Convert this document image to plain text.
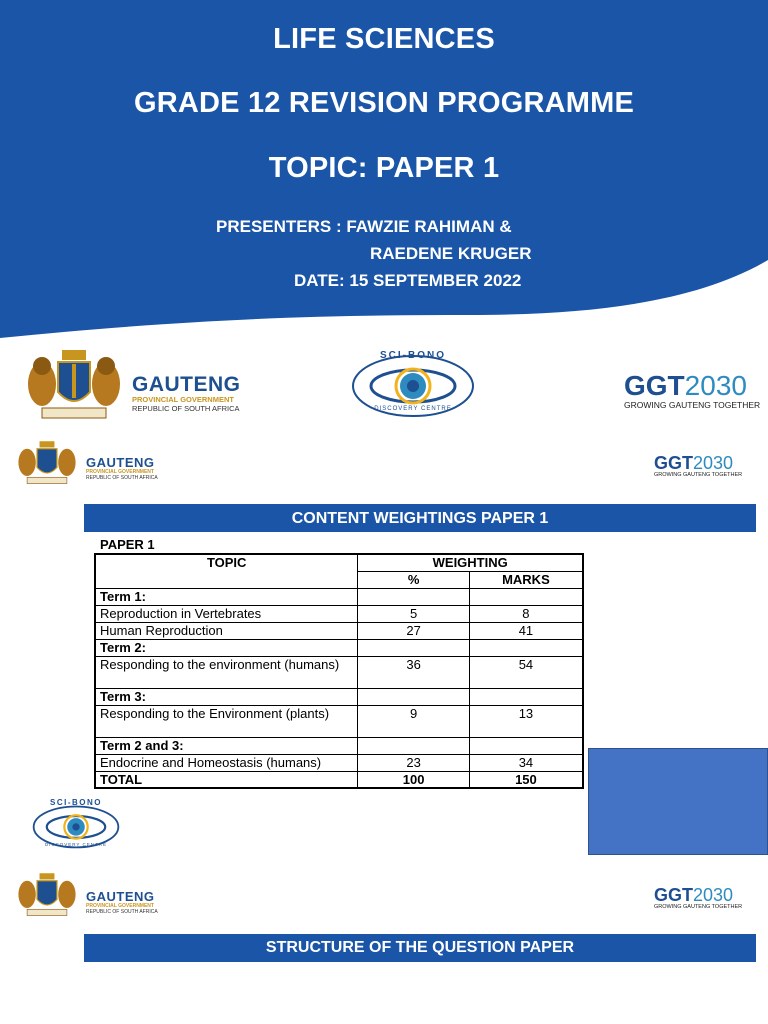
LIFE SCIENCES
GRADE 12 REVISION PROGRAMME
TOPIC: PAPER 1
PRESENTERS : FAWZIE RAHIMAN &
RAEDENE KRUGER
DATE: 15 SEPTEMBER 2022
GAUTENG
PROVINCIAL GOVERNMENT
REPUBLIC OF SOUTH AFRICA
SCI-BONO
DISCOVERY CENTRE
GGT2030
GROWING GAUTENG TOGETHER
GAUTENG
PROVINCIAL GOVERNMENT
REPUBLIC OF SOUTH AFRICA
GGT2030
GROWING GAUTENG TOGETHER
CONTENT WEIGHTINGS PAPER 1
PAPER 1
TOPIC	WEIGHTING	
	%	MARKS
Term 1:		
Reproduction in Vertebrates	5	8
Human Reproduction	27	41
Term 2:		
Responding to the environment (humans)	36	54
Term 3:		
Responding to the Environment (plants)	9	13
Term 2 and 3:		
Endocrine and Homeostasis (humans)	23	34
TOTAL	100	150
SCI-BONO
DISCOVERY CENTRE
GAUTENG
PROVINCIAL GOVERNMENT
REPUBLIC OF SOUTH AFRICA
GGT2030
GROWING GAUTENG TOGETHER
STRUCTURE OF THE QUESTION PAPER
